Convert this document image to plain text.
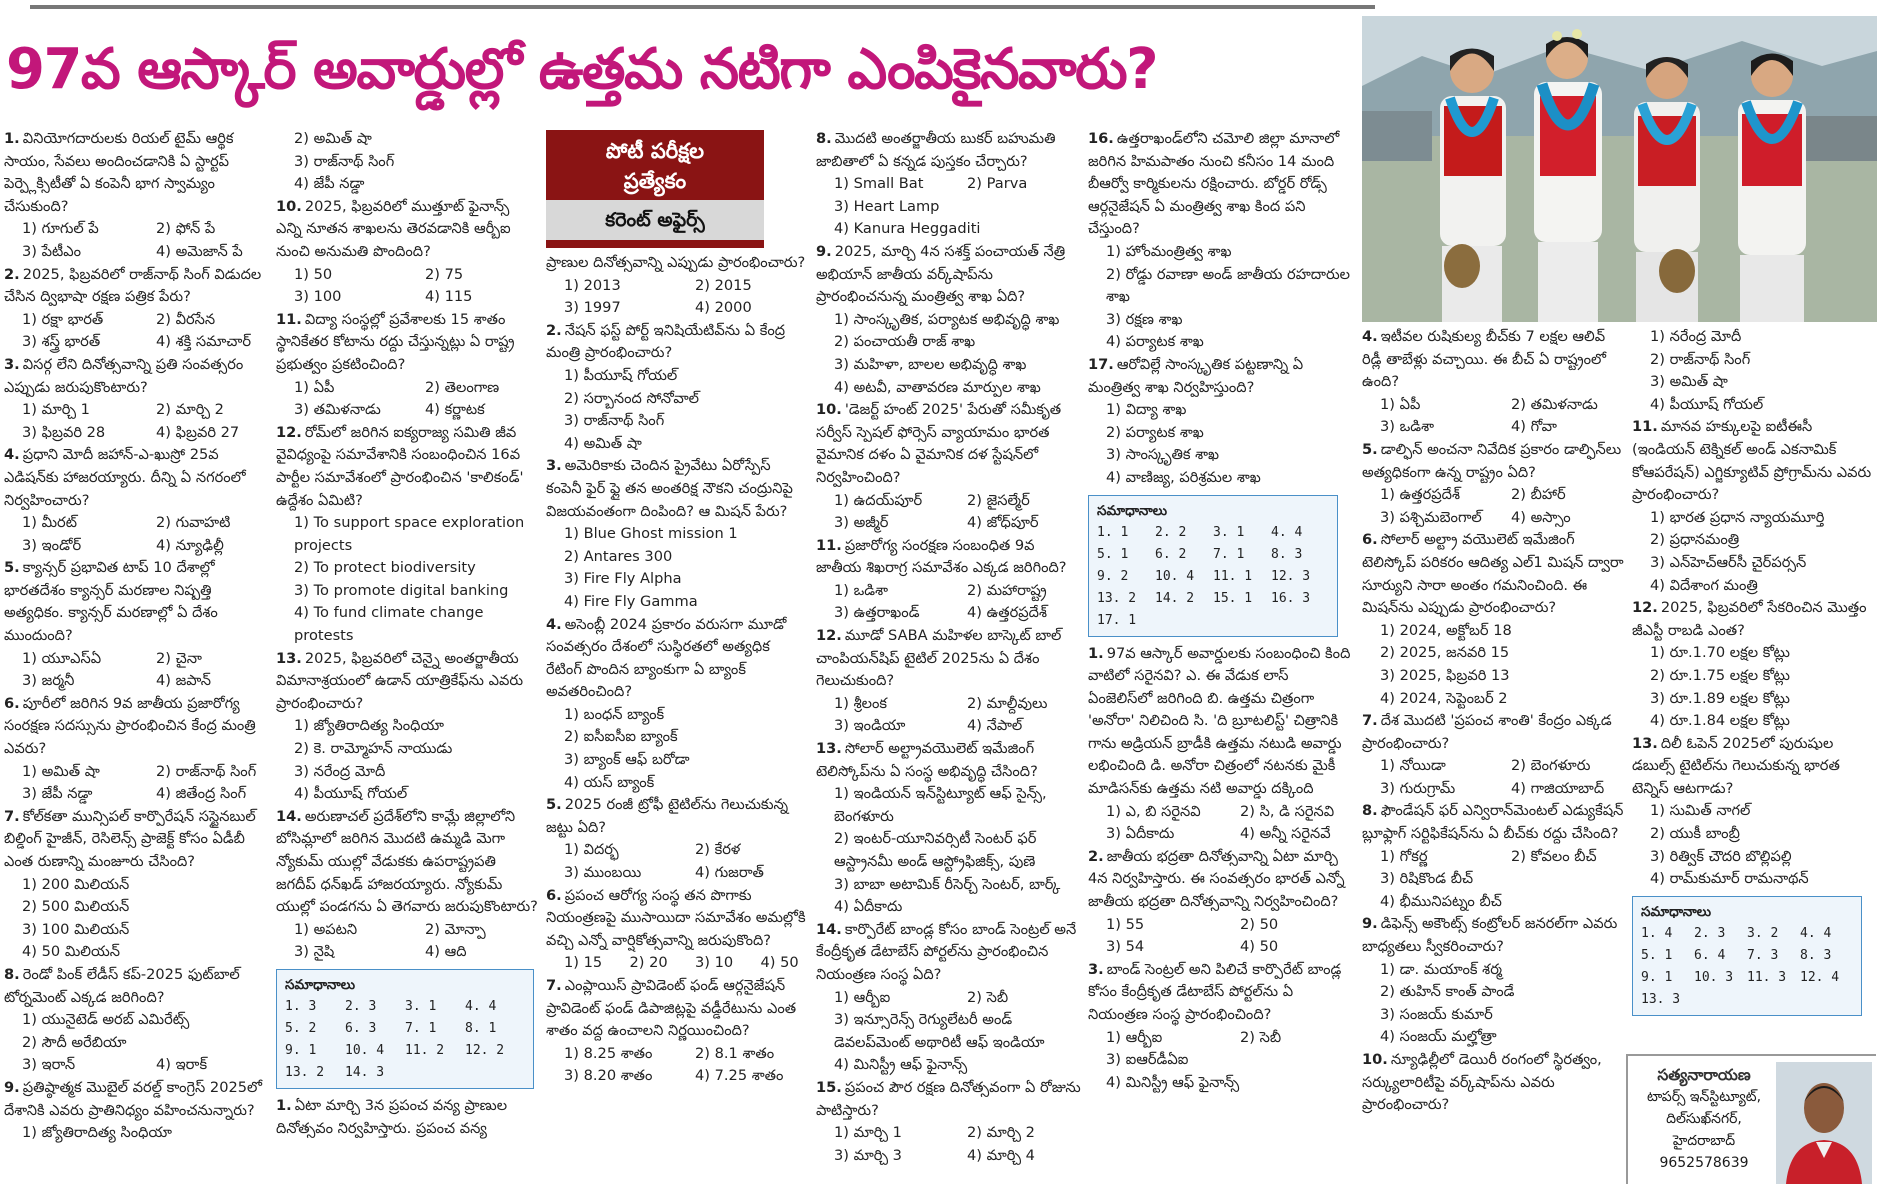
97వ ఆస్కార్ అవార్డుల్లో ఉత్తమ నటిగా ఎంపికైనవారు?
1. వినియోగదారులకు రియల్ టైమ్ ఆర్థిక సాయం, సేవలు అందించడానికి ఏ స్టార్టప్ పెర్ప్లెక్సిటీతో ఏ కంపెనీ భాగ స్వామ్యం చేసుకుంది?
1) గూగుల్ పే	2) ఫోన్ పే
3) పేటీఎం	4) అమెజాన్ పే
2. 2025, ఫిబ్రవరిలో రాజ్‌నాథ్ సింగ్ విడుదల చేసిన ద్విభాషా రక్షణ పత్రిక పేరు?
1) రక్షా భారత్	2) వీరసేన
3) శస్త్ర్ భారత్	4) శక్తి సమాచార్
3. విసర్గ లేని దినోత్సవాన్ని ప్రతి సంవత్సరం ఎప్పుడు జరుపుకొంటారు?
1) మార్చి 1	2) మార్చి 2
3) ఫిబ్రవరి 28	4) ఫిబ్రవరి 27
4. ప్రధాని మోదీ జహాన్-ఎ-ఖుస్రో 25వ ఎడిషన్‌కు హాజరయ్యారు. దీన్ని ఏ నగరంలో నిర్వహించారు?
1) మీరట్	2) గువాహటి
3) ఇండోర్	4) న్యూఢిల్లీ
5. క్యాన్సర్ ప్రభావిత టాప్ 10 దేశాల్లో భారతదేశం క్యాన్సర్ మరణాల నిష్పత్తి అత్యధికం. క్యాన్సర్ మరణాల్లో ఏ దేశం ముందుంది?
1) యూఎస్ఏ	2) చైనా
3) జర్మనీ	4) జపాన్
6. పూరీలో జరిగిన 9వ జాతీయ ప్రజారోగ్య సంరక్షణ సదస్సును ప్రారంభించిన కేంద్ర మంత్రి ఎవరు?
1) అమిత్ షా	2) రాజ్‌నాథ్ సింగ్
3) జేపీ నడ్డా	4) జితేంద్ర సింగ్
7. కోల్‌కతా మున్సిపల్ కార్పొరేషన్ సస్టైనబుల్ బిల్డింగ్ హైజీన్, రెసిలెన్స్ ప్రాజెక్ట్ కోసం ఏడీబీ ఎంత రుణాన్ని మంజూరు చేసింది?
1) 200 మిలియన్
2) 500 మిలియన్
3) 100 మిలియన్
4) 50 మిలియన్
8. రెండో పింక్ లేడీస్ కప్-2025 ఫుట్‌బాల్ టోర్నమెంట్ ఎక్కడ జరిగింది?
1) యునైటెడ్ అరబ్ ఎమిరేట్స్
2) సౌదీ అరేబియా
3) ఇరాన్	4) ఇరాక్
9. ప్రతిష్ఠాత్మక మొబైల్ వరల్డ్ కాంగ్రెస్ 2025లో దేశానికి ఎవరు ప్రాతినిధ్యం వహించనున్నారు?
1) జ్యోతిరాదిత్య సింధియా
2) అమిత్ షా
3) రాజ్‌నాథ్ సింగ్
4) జేపీ నడ్డా
10. 2025, ఫిబ్రవరిలో ముత్తూట్ ఫైనాన్స్ ఎన్ని నూతన శాఖలను తెరవడానికి ఆర్బీఐ నుంచి అనుమతి పొందింది?
1) 50	2) 75
3) 100	4) 115
11. విద్యా సంస్థల్లో ప్రవేశాలకు 15 శాతం స్థానికేతర కోటాను రద్దు చేస్తున్నట్లు ఏ రాష్ట్ర ప్రభుత్వం ప్రకటించింది?
1) ఏపీ	2) తెలంగాణ
3) తమిళనాడు	4) కర్ణాటక
12. రోమ్‌లో జరిగిన ఐక్యరాజ్య సమితి జీవ వైవిధ్యంపై సమావేశానికి సంబంధించిన 16వ పార్టీల సమావేశంలో ప్రారంభించిన 'కాలికండ్' ఉద్దేశం ఏమిటి?
1) To support space exploration projects
2) To protect biodiversity
3) To promote digital banking
4) To fund climate change protests
13. 2025, ఫిబ్రవరిలో చెన్నై అంతర్జాతీయ విమానాశ్రయంలో ఉడాన్ యాత్రికేఫ్‌ను ఎవరు ప్రారంభించారు?
1) జ్యోతిరాదిత్య సింధియా
2) కె. రామ్మోహన్ నాయుడు
3) నరేంద్ర మోదీ
4) పీయూష్ గోయల్
14. అరుణాచల్ ప్రదేశ్‌లోని కామ్లే జిల్లాలోని బోసిమ్లాలో జరిగిన మొదటి ఉమ్మడి మెగా న్యోకుమ్ యుల్లో వేడుకకు ఉపరాష్ట్రపతి జగదీప్ ధన్‌ఖడ్ హాజరయ్యారు. న్యోకుమ్ యుల్లో పండగను ఏ తెగవారు జరుపుకొంటారు?
1) అపటని	2) మోన్పా
3) నైషి	4) ఆది
సమాధానాలు
1. 3	2. 3	3. 1	4. 4
5. 2	6. 3	7. 1	8. 1
9. 1	10. 4	11. 2	12. 2
13. 2	14. 3
1. ఏటా మార్చి 3న ప్రపంచ వన్య ప్రాణుల దినోత్సవం నిర్వహిస్తారు. ప్రపంచ వన్య
పోటీ పరీక్షల
ప్రత్యేకం
కరెంట్ అఫైర్స్
ప్రాణుల దినోత్సవాన్ని ఎప్పుడు ప్రారంభించారు?
1) 2013	2) 2015
3) 1997	4) 2000
2. నేషన్ ఫస్ట్ పోర్ట్ ఇనిషియేటివ్‌ను ఏ కేంద్ర మంత్రి ప్రారంభించారు?
1) పీయూష్ గోయల్
2) సర్బానంద సోనోవాల్
3) రాజ్‌నాథ్ సింగ్
4) అమిత్ షా
3. అమెరికాకు చెందిన ప్రైవేటు ఏరోస్పేస్ కంపెనీ ఫైర్ ఫ్లై తన అంతరిక్ష నౌకని చంద్రునిపై విజయవంతంగా దింపింది? ఆ మిషన్ పేరు?
1) Blue Ghost mission 1
2) Antares 300
3) Fire Fly Alpha
4) Fire Fly Gamma
4. అసెంబ్లీ 2024 ప్రకారం వరుసగా మూడో సంవత్సరం దేశంలో సుస్థిరతలో అత్యధిక రేటింగ్ పొందిన బ్యాంకుగా ఏ బ్యాంక్ అవతరించింది?
1) బంధన్ బ్యాంక్
2) ఐసీఐసీఐ బ్యాంక్
3) బ్యాంక్ ఆఫ్ బరోడా
4) యస్ బ్యాంక్
5. 2025 రంజీ ట్రోఫీ టైటిల్‌ను గెలుచుకున్న జట్టు ఏది?
1) విదర్భ	2) కేరళ
3) ముంబయి	4) గుజరాత్
6. ప్రపంచ ఆరోగ్య సంస్థ తన పొగాకు నియంత్రణపై ముసాయిదా సమావేశం అమల్లోకి వచ్చి ఎన్నో వార్షికోత్సవాన్ని జరుపుకొంది?
1) 15	2) 20	3) 10	4) 50
7. ఎంప్లాయిస్ ప్రావిడెంట్ ఫండ్ ఆర్గనైజేషన్ ప్రావిడెంట్ ఫండ్ డిపాజిట్లపై వడ్డీరేటును ఎంత శాతం వద్ద ఉంచాలని నిర్ణయించింది?
1) 8.25 శాతం	2) 8.1 శాతం
3) 8.20 శాతం	4) 7.25 శాతం
8. మొదటి అంతర్జాతీయ బుకర్ బహుమతి జాబితాలో ఏ కన్నడ పుస్తకం చేర్చారు?
1) Small Bat	2) Parva
3) Heart Lamp
4) Kanura Heggaditi
9. 2025, మార్చి 4న సశక్త్ పంచాయత్ నేత్రి అభియాన్ జాతీయ వర్క్‌షాప్‌ను ప్రారంభించనున్న మంత్రిత్వ శాఖ ఏది?
1) సాంస్కృతిక, పర్యాటక అభివృద్ధి శాఖ
2) పంచాయతీ రాజ్ శాఖ
3) మహిళా, బాలల అభివృద్ధి శాఖ
4) అటవీ, వాతావరణ మార్పుల శాఖ
10. 'డెజర్ట్ హంట్ 2025' పేరుతో సమీకృత సర్వీస్ స్పెషల్ ఫోర్సెస్ వ్యాయామం భారత వైమానిక దళం ఏ వైమానిక దళ స్టేషన్‌లో నిర్వహించింది?
1) ఉదయ్‌పూర్	2) జైసల్మేర్
3) అజ్మీర్	4) జోధ్‌పూర్
11. ప్రజారోగ్య సంరక్షణ సంబంధిత 9వ జాతీయ శిఖరాగ్ర సమావేశం ఎక్కడ జరిగింది?
1) ఒడిశా	2) మహారాష్ట్ర
3) ఉత్తరాఖండ్	4) ఉత్తరప్రదేశ్
12. మూడో SABA మహిళల బాస్కెట్ బాల్ చాంపియన్‌షిప్ టైటిల్ 2025ను ఏ దేశం గెలుచుకుంది?
1) శ్రీలంక	2) మాల్దీవులు
3) ఇండియా	4) నేపాల్
13. సోలార్ అల్ట్రావయొలెట్ ఇమేజింగ్ టెలిస్కోప్‌ను ఏ సంస్థ అభివృద్ధి చేసింది?
1) ఇండియన్ ఇన్‌స్టిట్యూట్ ఆఫ్ సైన్స్, బెంగళూరు
2) ఇంటర్-యూనివర్సిటీ సెంటర్ ఫర్ ఆస్ట్రానమీ అండ్ ఆస్ట్రోఫిజిక్స్, పుణె
3) బాబా అటామిక్ రీసెర్చ్ సెంటర్, బార్క్
4) ఏదీకాదు
14. కార్పొరేట్ బాండ్ల కోసం బాండ్ సెంట్రల్ అనే కేంద్రీకృత డేటాబేస్ పోర్టల్‌ను ప్రారంభించిన నియంత్రణ సంస్థ ఏది?
1) ఆర్బీఐ	2) సెబీ
3) ఇన్సూరెన్స్ రెగ్యులేటరీ అండ్ డెవలప్‌మెంట్ అథారిటీ ఆఫ్ ఇండియా
4) మినిస్ట్రీ ఆఫ్ ఫైనాన్స్
15. ప్రపంచ పౌర రక్షణ దినోత్సవంగా ఏ రోజును పాటిస్తారు?
1) మార్చి 1	2) మార్చి 2
3) మార్చి 3	4) మార్చి 4
16. ఉత్తరాఖండ్‌లోని చమోలి జిల్లా మానాలో జరిగిన హిమపాతం నుంచి కనీసం 14 మంది బీఆర్వో కార్మికులను రక్షించారు. బోర్డర్ రోడ్స్ ఆర్గనైజేషన్ ఏ మంత్రిత్వ శాఖ కింద పని చేస్తుంది?
1) హోంమంత్రిత్వ శాఖ
2) రోడ్డు రవాణా అండ్ జాతీయ రహదారుల శాఖ
3) రక్షణ శాఖ
4) పర్యాటక శాఖ
17. ఆరోవిల్లే సాంస్కృతిక పట్టణాన్ని ఏ మంత్రిత్వ శాఖ నిర్వహిస్తుంది?
1) విద్యా శాఖ
2) పర్యాటక శాఖ
3) సాంస్కృతిక శాఖ
4) వాణిజ్య, పరిశ్రమల శాఖ
సమాధానాలు
1. 1	2. 2	3. 1	4. 4
5. 1	6. 2	7. 1	8. 3
9. 2	10. 4	11. 1	12. 3
13. 2	14. 2	15. 1	16. 3
17. 1
1. 97వ ఆస్కార్ అవార్డులకు సంబంధించి కింది వాటిలో సరైనవి? ఎ. ఈ వేడుక లాస్ ఏంజెలిస్‌లో జరిగింది బి. ఉత్తమ చిత్రంగా 'అనోరా' నిలిచింది సి. 'ది బ్రూటలిస్ట్' చిత్రానికి గాను అడ్రియన్ బ్రాడీకి ఉత్తమ నటుడి అవార్డు లభించింది డి. అనోరా చిత్రంలో నటనకు మైకీ మాడిసన్‌కు ఉత్తమ నటి అవార్డు దక్కింది
1) ఎ, బి సరైనవి	2) సి, డి సరైనవి
3) ఏదీకాదు	4) అన్నీ సరైనవే
2. జాతీయ భద్రతా దినోత్సవాన్ని ఏటా మార్చి 4న నిర్వహిస్తారు. ఈ సంవత్సరం భారత్ ఎన్నో జాతీయ భద్రతా దినోత్సవాన్ని నిర్వహించింది?
1) 55	2) 50
3) 54	4) 50
3. బాండ్ సెంట్రల్ అని పిలిచే కార్పొరేట్ బాండ్ల కోసం కేంద్రీకృత డేటాబేస్ పోర్టల్‌ను ఏ నియంత్రణ సంస్థ ప్రారంభించింది?
1) ఆర్బీఐ	2) సెబీ
3) ఐఆర్‌డీఏఐ
4) మినిస్ట్రీ ఆఫ్ ఫైనాన్స్
4. ఇటీవల రుషికుల్య బీచ్‌కు 7 లక్షల ఆలివ్ రిడ్లీ తాబేళ్లు వచ్చాయి. ఈ బీచ్ ఏ రాష్ట్రంలో ఉంది?
1) ఏపీ	2) తమిళనాడు
3) ఒడిశా	4) గోవా
5. డాల్ఫిన్ అంచనా నివేదిక ప్రకారం డాల్ఫిన్‌లు అత్యధికంగా ఉన్న రాష్ట్రం ఏది?
1) ఉత్తరప్రదేశ్	2) బీహార్
3) పశ్చిమబెంగాల్	4) అస్సాం
6. సోలార్ అల్ట్రా వయొలెట్ ఇమేజింగ్ టెలిస్కోప్ పరికరం ఆదిత్య ఎల్1 మిషన్ ద్వారా సూర్యుని సారా అంతం గమనించింది. ఈ మిషన్‌ను ఎప్పుడు ప్రారంభించారు?
1) 2024, అక్టోబర్ 18
2) 2025, జనవరి 15
3) 2025, ఫిబ్రవరి 13
4) 2024, సెప్టెంబర్ 2
7. దేశ మొదటి 'ప్రపంచ శాంతి' కేంద్రం ఎక్కడ ప్రారంభించారు?
1) నోయిడా	2) బెంగళూరు
3) గురుగ్రామ్	4) గాజియాబాద్
8. ఫౌండేషన్ ఫర్ ఎన్విరాన్‌మెంటల్ ఎడ్యుకేషన్ బ్లూఫ్లాగ్ సర్టిఫికేషన్‌ను ఏ బీచ్‌కు రద్దు చేసింది?
1) గోకర్ణ	2) కోవలం బీచ్
3) రిషికొండ బీచ్
4) భీమునిపట్నం బీచ్
9. డిఫెన్స్ అకౌంట్స్ కంట్రోలర్ జనరల్‌గా ఎవరు బాధ్యతలు స్వీకరించారు?
1) డా. మయాంక్ శర్మ
2) తుహిన్ కాంత్ పాండే
3) సంజయ్ కుమార్
4) సంజయ్ మల్హోత్రా
10. న్యూఢిల్లీలో డెయిరీ రంగంలో స్థిరత్వం, సర్క్యులారిటీపై వర్క్‌షాప్‌ను ఎవరు ప్రారంభించారు?
1) నరేంద్ర మోదీ
2) రాజ్‌నాథ్ సింగ్
3) అమిత్ షా
4) పీయూష్ గోయల్
11. మానవ హక్కులపై ఐటీఈసీ (ఇండియన్ టెక్నికల్ అండ్ ఎకనామిక్ కోఆపరేషన్) ఎగ్జిక్యూటివ్ ప్రోగ్రామ్‌ను ఎవరు ప్రారంభించారు?
1) భారత ప్రధాన న్యాయమూర్తి
2) ప్రధానమంత్రి
3) ఎన్‌హెచ్ఆర్‌సీ చైర్‌పర్సన్
4) విదేశాంగ మంత్రి
12. 2025, ఫిబ్రవరిలో సేకరించిన మొత్తం జీఎస్టీ రాబడి ఎంత?
1) రూ.1.70 లక్షల కోట్లు
2) రూ.1.75 లక్షల కోట్లు
3) రూ.1.89 లక్షల కోట్లు
4) రూ.1.84 లక్షల కోట్లు
13. దిలీ ఓపెన్ 2025లో పురుషుల డబుల్స్ టైటిల్‌ను గెలుచుకున్న భారత టెన్నిస్ ఆటగాడు?
1) సుమిత్ నాగల్
2) యుకీ బాంబ్రీ
3) రిత్విక్ చౌదరి బొల్లిపల్లి
4) రామ్‌కుమార్ రామనాథన్
సమాధానాలు
1. 4	2. 3	3. 2	4. 4
5. 1	6. 4	7. 3	8. 3
9. 1	10. 3	11. 3	12. 4
13. 3
సత్యనారాయణ
టాపర్స్ ఇన్‌స్టిట్యూట్,
దిల్‌సుఖ్‌నగర్, హైదరాబాద్
9652578639
